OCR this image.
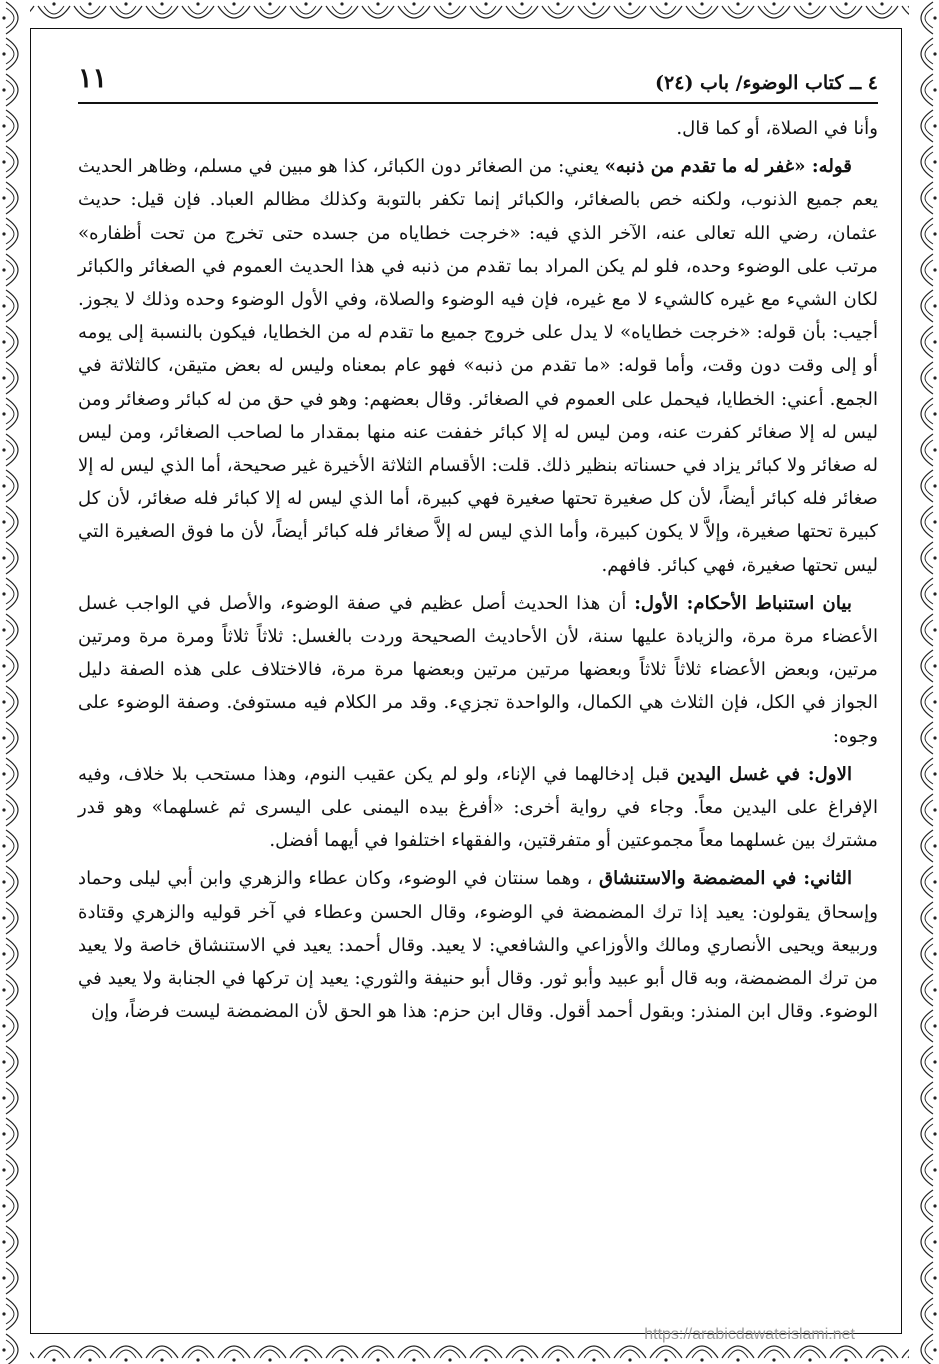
٤ ــ كتاب الوضوء/ باب (٢٤)
١١

وأنا في الصلاة، أو كما قال.

قوله: «غفر له ما تقدم من ذنبه» يعني: من الصغائر دون الكبائر، كذا هو مبين في مسلم، وظاهر الحديث يعم جميع الذنوب، ولكنه خص بالصغائر، والكبائر إنما تكفر بالتوبة وكذلك مظالم العباد. فإن قيل: حديث عثمان، رضي الله تعالى عنه، الآخر الذي فيه: «خرجت خطاياه من جسده حتى تخرج من تحت أظفاره» مرتب على الوضوء وحده، فلو لم يكن المراد بما تقدم من ذنبه في هذا الحديث العموم في الصغائر والكبائر لكان الشيء مع غيره كالشيء لا مع غيره، فإن فيه الوضوء والصلاة، وفي الأول الوضوء وحده وذلك لا يجوز. أجيب: بأن قوله: «خرجت خطاياه» لا يدل على خروج جميع ما تقدم له من الخطايا، فيكون بالنسبة إلى يومه أو إلى وقت دون وقت، وأما قوله: «ما تقدم من ذنبه» فهو عام بمعناه وليس له بعض متيقن، كالثلاثة في الجمع. أعني: الخطايا، فيحمل على العموم في الصغائر. وقال بعضهم: وهو في حق من له كبائر وصغائر ومن ليس له إلا صغائر كفرت عنه، ومن ليس له إلا كبائر خففت عنه منها بمقدار ما لصاحب الصغائر، ومن ليس له صغائر ولا كبائر يزاد في حسناته بنظير ذلك. قلت: الأقسام الثلاثة الأخيرة غير صحيحة، أما الذي ليس له إلا صغائر فله كبائر أيضاً، لأن كل صغيرة تحتها صغيرة فهي كبيرة، أما الذي ليس له إلا كبائر فله صغائر، لأن كل كبيرة تحتها صغيرة، وإلاَّ لا يكون كبيرة، وأما الذي ليس له إلاَّ صغائر فله كبائر أيضاً، لأن ما فوق الصغيرة التي ليس تحتها صغيرة، فهي كبائر. فافهم.

بيان استنباط الأحكام: الأول: أن هذا الحديث أصل عظيم في صفة الوضوء، والأصل في الواجب غسل الأعضاء مرة مرة، والزيادة عليها سنة، لأن الأحاديث الصحيحة وردت بالغسل: ثلاثاً ثلاثاً ومرة مرة ومرتين مرتين، وبعض الأعضاء ثلاثاً ثلاثاً وبعضها مرتين مرتين وبعضها مرة مرة، فالاختلاف على هذه الصفة دليل الجواز في الكل، فإن الثلاث هي الكمال، والواحدة تجزيء. وقد مر الكلام فيه مستوفئ. وصفة الوضوء على وجوه:

الاول: في غسل اليدين قبل إدخالهما في الإناء، ولو لم يكن عقيب النوم، وهذا مستحب بلا خلاف، وفيه الإفراغ على اليدين معاً. وجاء في رواية أخرى: «أفرغ بيده اليمنى على اليسرى ثم غسلهما» وهو قدر مشترك بين غسلهما معاً مجموعتين أو متفرقتين، والفقهاء اختلفوا في أيهما أفضل.

الثاني: في المضمضة والاستنشاق ، وهما سنتان في الوضوء، وكان عطاء والزهري وابن أبي ليلى وحماد وإسحاق يقولون: يعيد إذا ترك المضمضة في الوضوء، وقال الحسن وعطاء في آخر قوليه والزهري وقتادة وربيعة ويحيى الأنصاري ومالك والأوزاعي والشافعي: لا يعيد. وقال أحمد: يعيد في الاستنشاق خاصة ولا يعيد من ترك المضمضة، وبه قال أبو عبيد وأبو ثور. وقال أبو حنيفة والثوري: يعيد إن تركها في الجنابة ولا يعيد في الوضوء. وقال ابن المنذر: وبقول أحمد أقول. وقال ابن حزم: هذا هو الحق لأن المضمضة ليست فرضاً، وإن

https://arabicdawateislami.net
